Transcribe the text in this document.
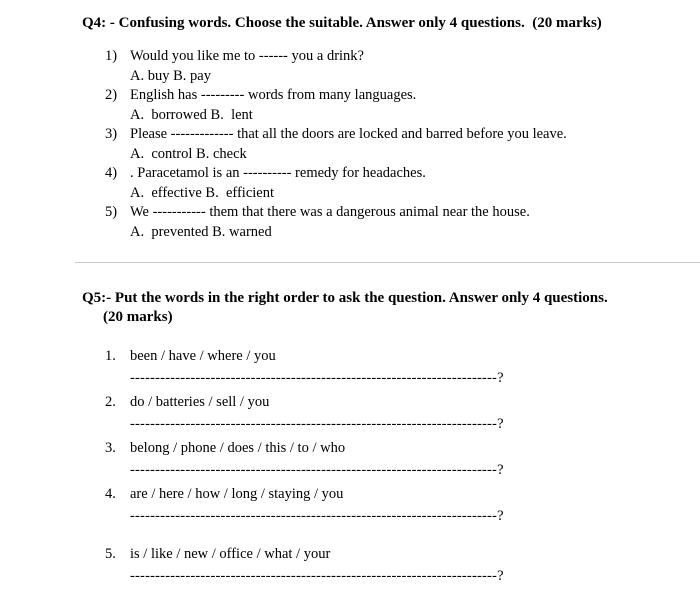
Q4: - Confusing words. Choose the suitable. Answer only 4 questions.  (20 marks)
1) Would you like me to ------ you a drink?
A. buy B. pay
2) English has --------- words from many languages.
A.  borrowed B.  lent
3) Please ------------- that all the doors are locked and barred before you leave.
A.  control B. check
4) . Paracetamol is an ---------- remedy for headaches.
A.  effective B.  efficient
5) We ----------- them that there was a dangerous animal near the house.
A.  prevented B. warned
Q5:- Put the words in the right order to ask the question. Answer only 4 questions.
(20 marks)
1. been / have / where / you
-------------------------------------------------------------------------?
2. do / batteries / sell / you
-------------------------------------------------------------------------?
3. belong / phone / does / this / to / who
-------------------------------------------------------------------------?
4. are / here / how / long / staying / you
-------------------------------------------------------------------------?
5. is / like / new / office / what / your
-------------------------------------------------------------------------?
